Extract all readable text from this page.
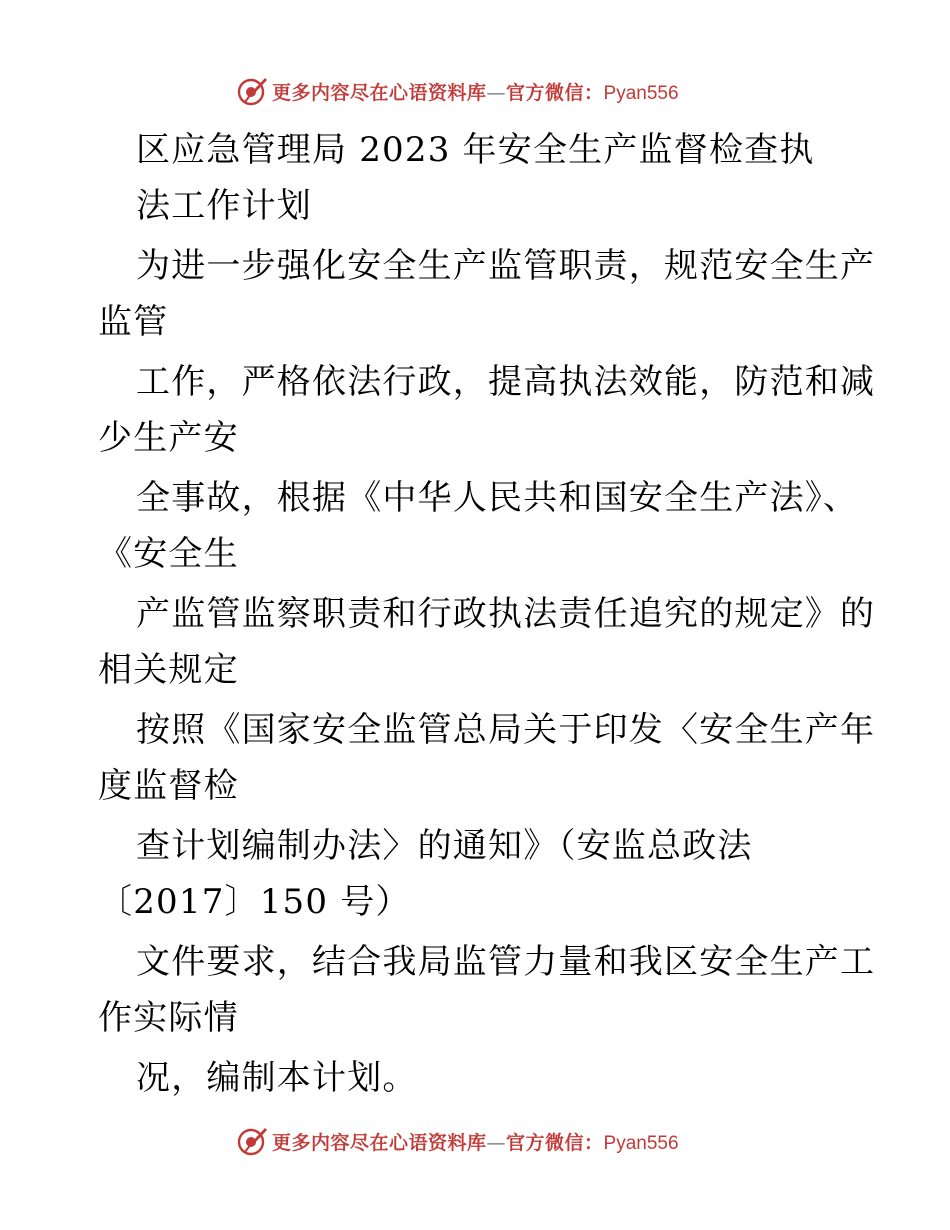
更多内容尽在心语资料库—官方微信：Pyan556
区应急管理局 2023 年安全生产监督检查执
法工作计划
为进一步强化安全生产监管职责，规范安全生产
监管
工作，严格依法行政，提高执法效能，防范和减
少生产安
全事故，根据《中华人民共和国安全生产法》、
《安全生
产监管监察职责和行政执法责任追究的规定》的
相关规定
按照《国家安全监管总局关于印发〈安全生产年
度监督检
查计划编制办法〉的通知》（安监总政法
〔2017〕150 号）
文件要求，结合我局监管力量和我区安全生产工
作实际情
况，编制本计划。
更多内容尽在心语资料库—官方微信：Pyan556
